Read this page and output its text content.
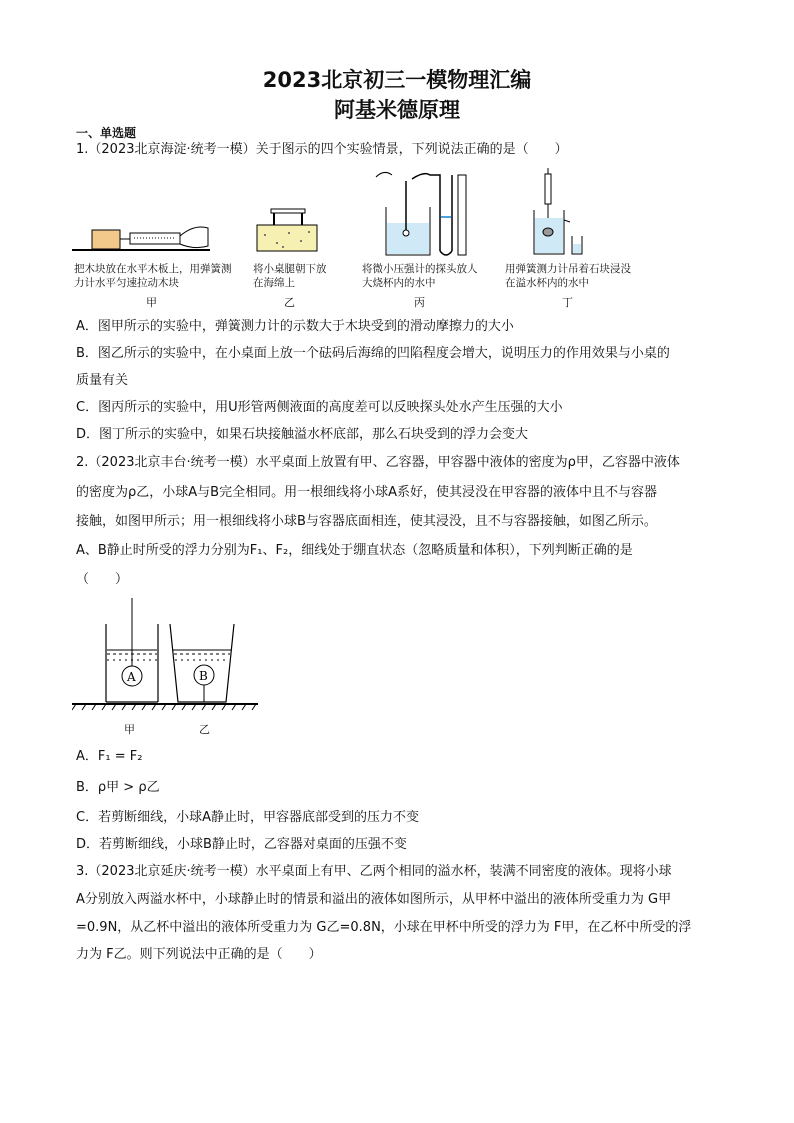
2023北京初三一模物理汇编
阿基米德原理
一、单选题
1.（2023北京海淀·统考一模）关于图示的四个实验情景，下列说法正确的是（　　）
把木块放在水平木板上，用弹簧测力计水平匀速拉动木块
将小桌腿朝下放在海绵上
将微小压强计的探头放人大烧杯内的水中
用弹簧测力计吊着石块浸没在溢水杯内的水中
甲	乙	丙	丁
A．图甲所示的实验中，弹簧测力计的示数大于木块受到的滑动摩擦力的大小
B．图乙所示的实验中，在小桌面上放一个砝码后海绵的凹陷程度会增大，说明压力的作用效果与小桌的
质量有关
C．图丙所示的实验中，用U形管两侧液面的高度差可以反映探头处水产生压强的大小
D．图丁所示的实验中，如果石块接触溢水杯底部，那么石块受到的浮力会变大
2.（2023北京丰台·统考一模）水平桌面上放置有甲、乙容器，甲容器中液体的密度为ρ甲，乙容器中液体
的密度为ρ乙，小球A与B完全相同。用一根细线将小球A系好，使其浸没在甲容器的液体中且不与容器
接触，如图甲所示；用一根细线将小球B与容器底面相连，使其浸没，且不与容器接触，如图乙所示。
A、B静止时所受的浮力分别为F₁、F₂，细线处于绷直状态（忽略质量和体积），下列判断正确的是
（　　）
A	B
甲	乙
A．F₁ = F₂
B．ρ甲 > ρ乙
C．若剪断细线，小球A静止时，甲容器底部受到的压力不变
D．若剪断细线，小球B静止时，乙容器对桌面的压强不变
3.（2023北京延庆·统考一模）水平桌面上有甲、乙两个相同的溢水杯，装满不同密度的液体。现将小球
A分别放入两溢水杯中，小球静止时的情景和溢出的液体如图所示，从甲杯中溢出的液体所受重力为 G甲
=0.9N，从乙杯中溢出的液体所受重力为 G乙=0.8N，小球在甲杯中所受的浮力为 F甲，在乙杯中所受的浮
力为 F乙。则下列说法中正确的是（　　）
